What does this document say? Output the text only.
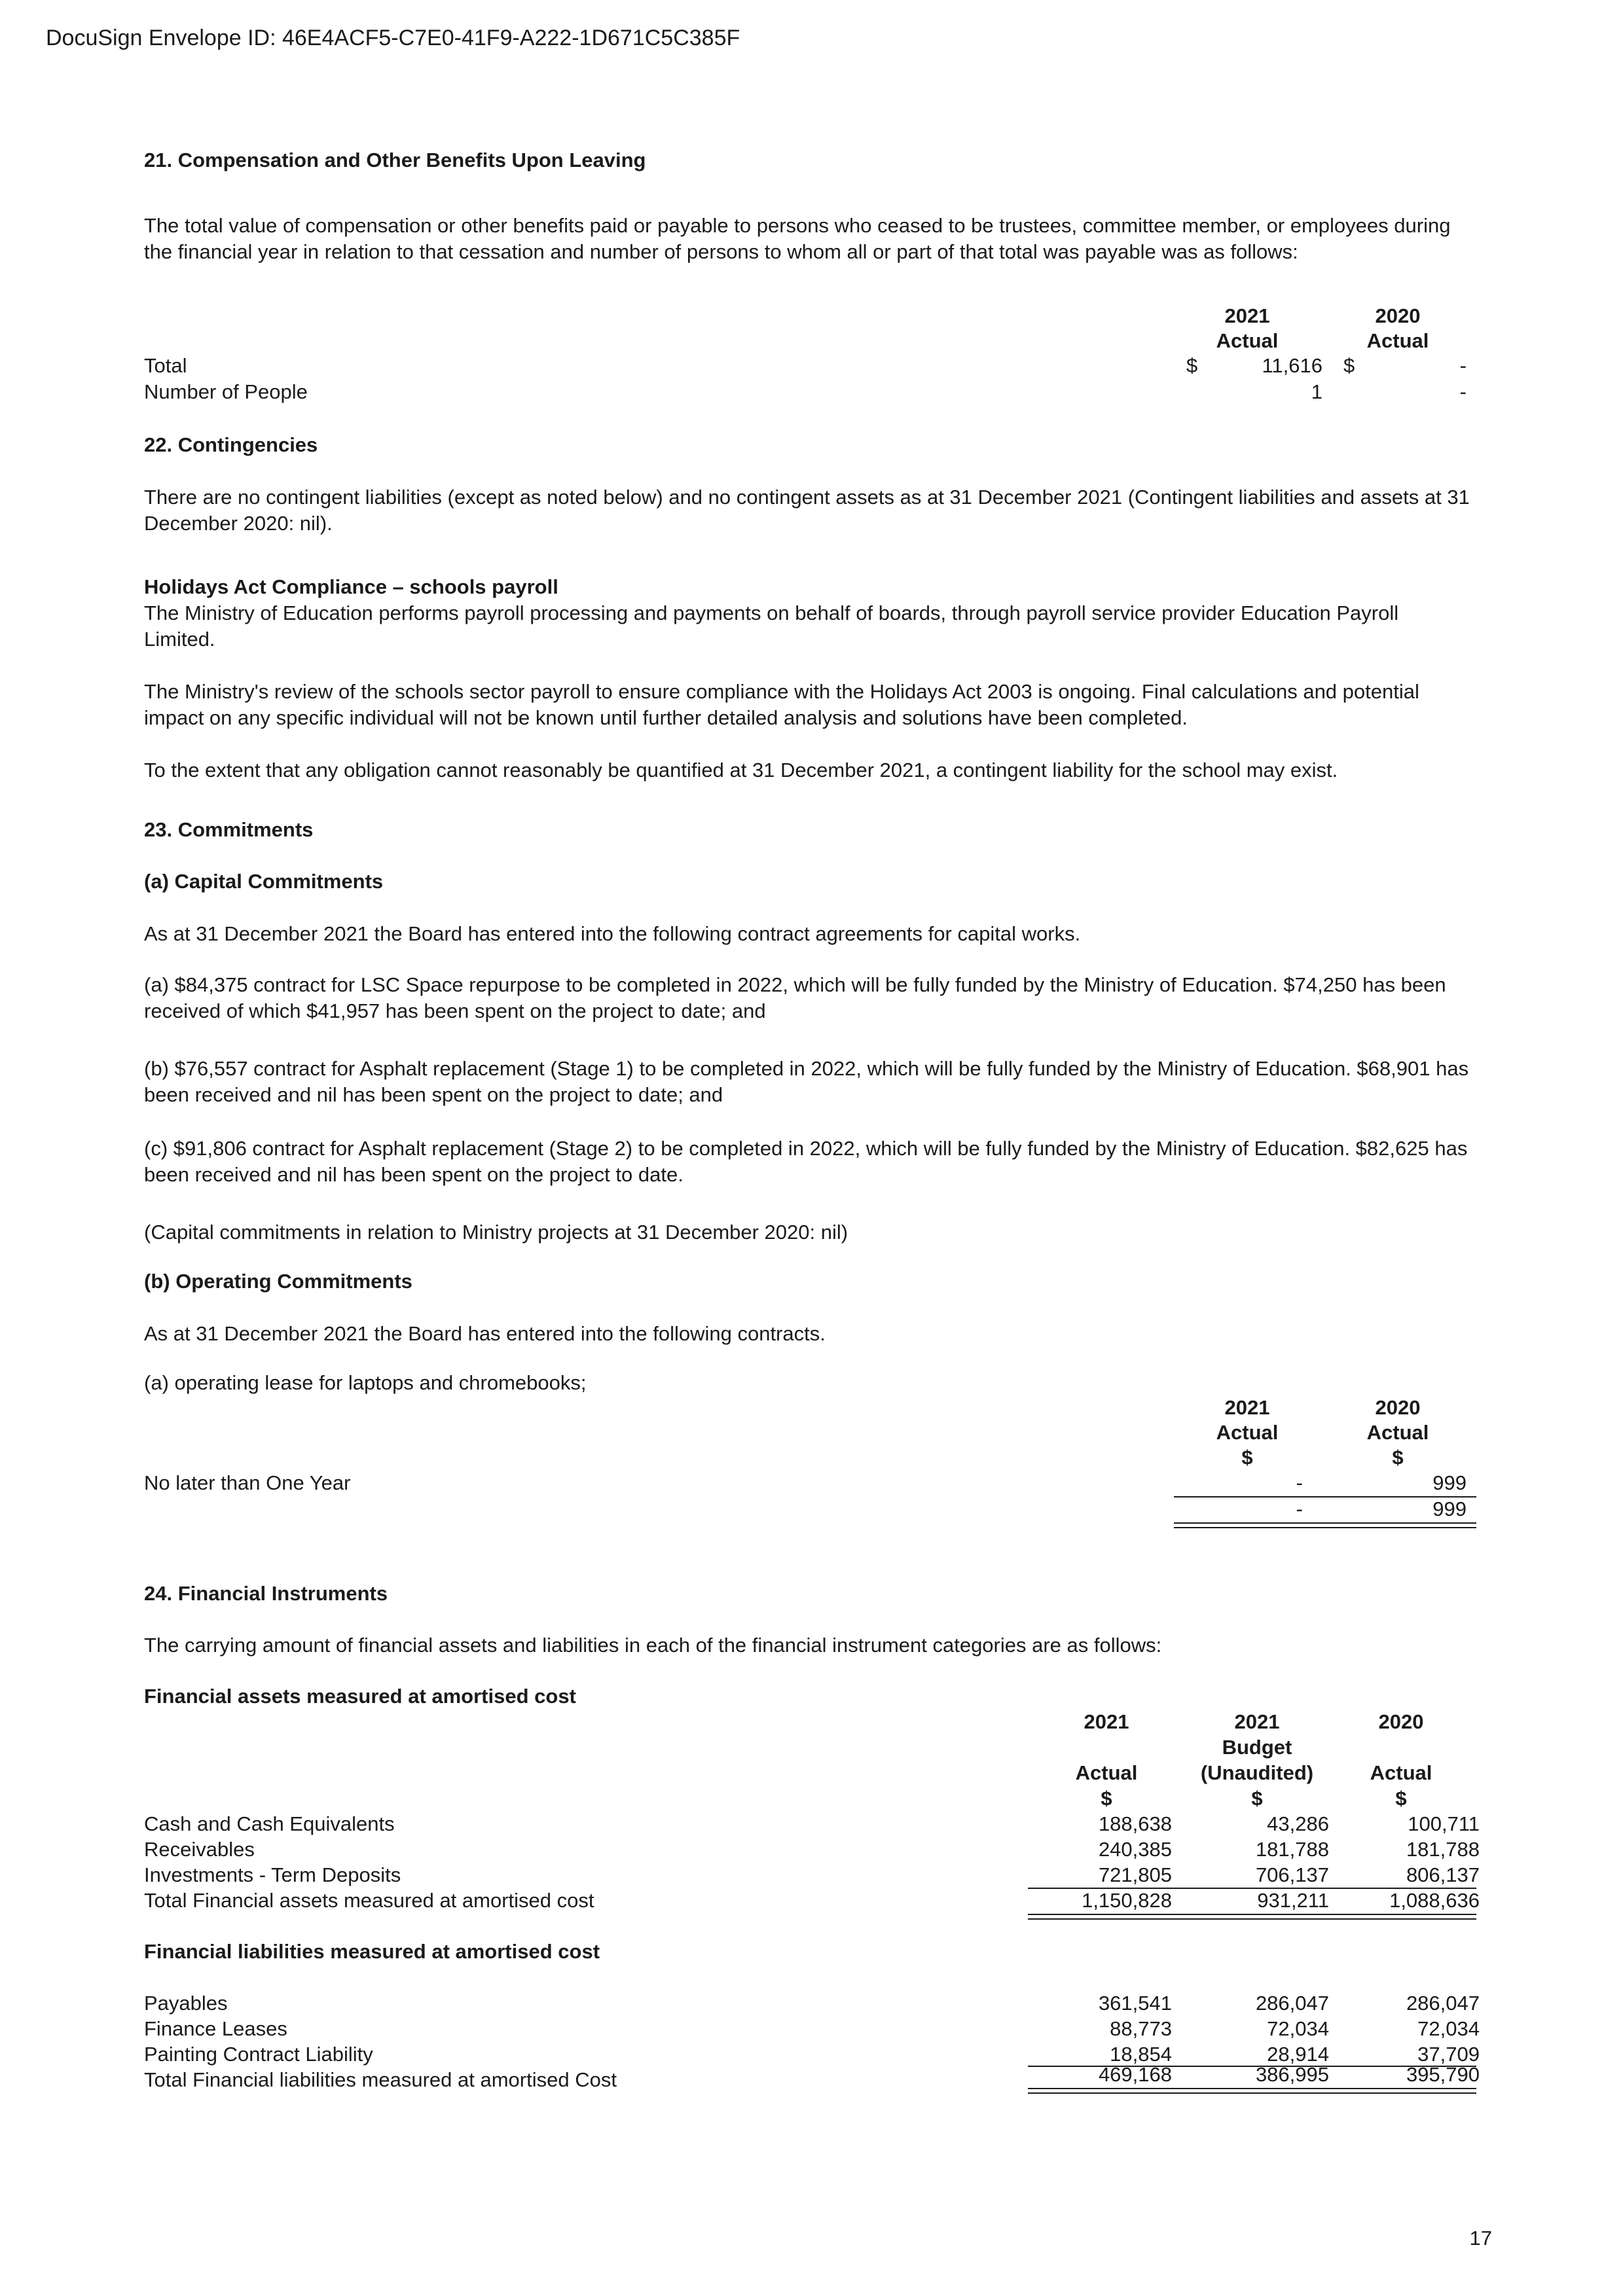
DocuSign Envelope ID: 46E4ACF5-C7E0-41F9-A222-1D671C5C385F
21. Compensation and Other Benefits Upon Leaving
The total value of compensation or other benefits paid or payable to persons who ceased to be trustees, committee member, or employees during the financial year in relation to that cessation and number of persons to whom all or part of that total was payable was as follows:
2021
Actual
2020
Actual
Total	$	11,616 $	-
Number of People	1	-
22. Contingencies
There are no contingent liabilities (except as noted below) and no contingent assets as at 31 December 2021 (Contingent liabilities and assets at 31 December 2020: nil).
Holidays Act Compliance – schools payroll
The Ministry of Education performs payroll processing and payments on behalf of boards, through payroll service provider Education Payroll Limited.
The Ministry's review of the schools sector payroll to ensure compliance with the Holidays Act 2003 is ongoing. Final calculations and potential impact on any specific individual will not be known until further detailed analysis and solutions have been completed.
To the extent that any obligation cannot reasonably be quantified at 31 December 2021, a contingent liability for the school may exist.
23. Commitments
(a) Capital Commitments
As at 31 December 2021 the Board has entered into the following contract agreements for capital works.
(a) $84,375 contract for LSC Space repurpose to be completed in 2022, which will be fully funded by the Ministry of Education. $74,250 has been received of which $41,957 has been spent on the project to date; and
(b) $76,557 contract for Asphalt replacement (Stage 1) to be completed in 2022, which will be fully funded by the Ministry of Education. $68,901 has been received and nil has been spent on the project to date; and
(c) $91,806 contract for Asphalt replacement (Stage 2) to be completed in 2022, which will be fully funded by the Ministry of Education. $82,625 has been received and nil has been spent on the project to date.
(Capital commitments in relation to Ministry projects at 31 December 2020: nil)
(b) Operating Commitments
As at 31 December 2021 the Board has entered into the following contracts.
(a) operating lease for laptops and chromebooks;
2021
Actual
$
2020
Actual
$
No later than One Year	-	999
-	999
24. Financial Instruments
The carrying amount of financial assets and liabilities in each of the financial instrument categories are as follows:
Financial assets measured at amortised cost
2021
Actual
$
2021
Budget
(Unaudited)
$
2020
Actual
$
Cash and Cash Equivalents	188,638	43,286	100,711
Receivables	240,385	181,788	181,788
Investments - Term Deposits	721,805	706,137	806,137
Total Financial assets measured at amortised cost	1,150,828	931,211	1,088,636
Financial liabilities measured at amortised cost
Payables	361,541	286,047	286,047
Finance Leases	88,773	72,034	72,034
Painting Contract Liability	18,854	28,914	37,709
Total Financial liabilities measured at amortised Cost	469,168	386,995	395,790
17
